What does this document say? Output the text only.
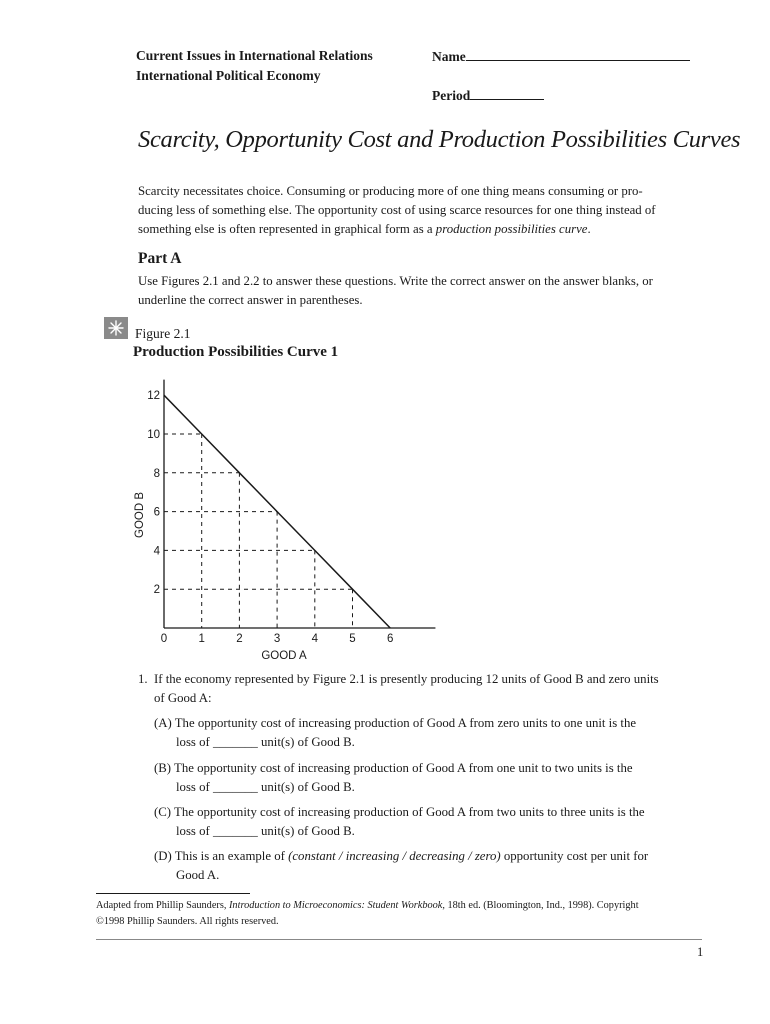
Current Issues in International Relations
International Political Economy
Name
Period
Scarcity, Opportunity Cost and Production Possibilities Curves
Scarcity necessitates choice. Consuming or producing more of one thing means consuming or pro-
ducing less of something else. The opportunity cost of using scarce resources for one thing instead of
something else is often represented in graphical form as a production possibilities curve.
Part A
Use Figures 2.1 and 2.2 to answer these questions. Write the correct answer on the answer blanks, or
underline the correct answer in parentheses.
Figure 2.1
Production Possibilities Curve 1
2
4
6
8
10
12
0	1	2	3	4	5	6
GOOD A
GOOD B
1. If the economy represented by Figure 2.1 is presently producing 12 units of Good B and zero units
of Good A:
(A) The opportunity cost of increasing production of Good A from zero units to one unit is the
loss of _______ unit(s) of Good B.
(B) The opportunity cost of increasing production of Good A from one unit to two units is the
loss of _______ unit(s) of Good B.
(C) The opportunity cost of increasing production of Good A from two units to three units is the
loss of _______ unit(s) of Good B.
(D) This is an example of (constant / increasing / decreasing / zero) opportunity cost per unit for
Good A.
Adapted from Phillip Saunders, Introduction to Microeconomics: Student Workbook, 18th ed. (Bloomington, Ind., 1998). Copyright
©1998 Phillip Saunders. All rights reserved.
1
